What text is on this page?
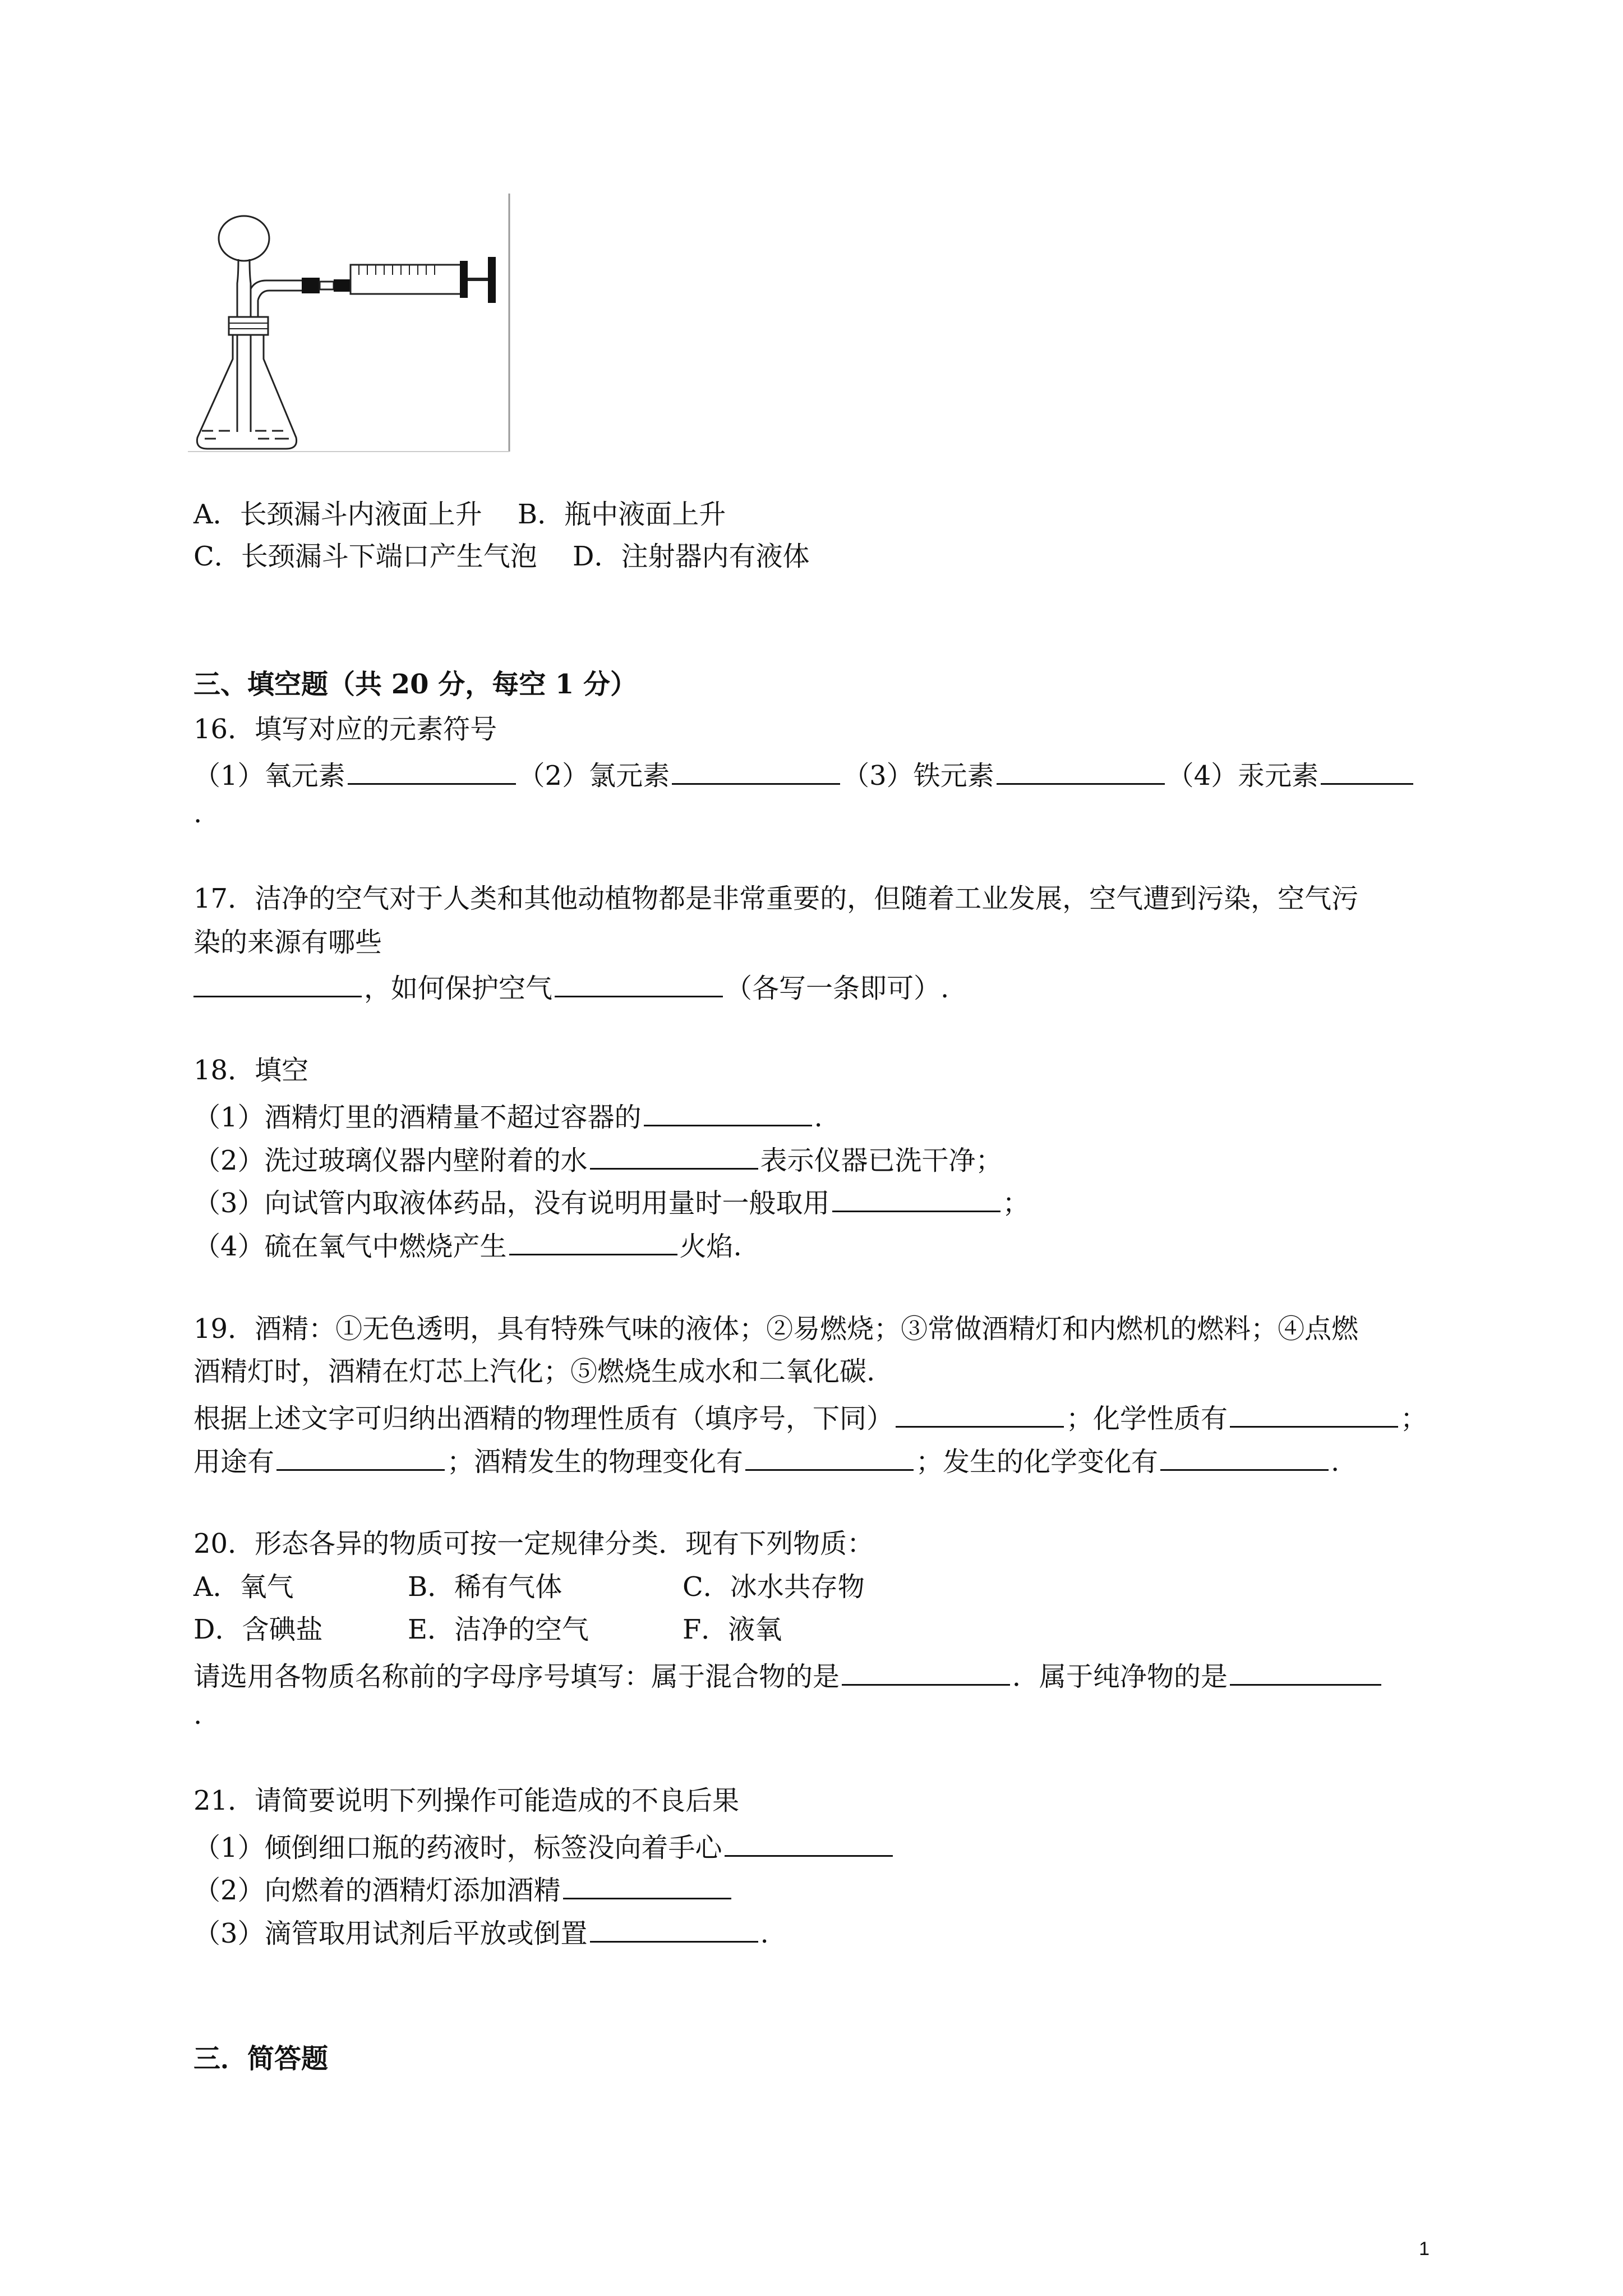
A．长颈漏斗内液面上升　 B．瓶中液面上升
C．长颈漏斗下端口产生气泡　 D．注射器内有液体
三、填空题（共 20 分，每空 1 分）
16．填写对应的元素符号
（1）氧元素	（2）氯元素	（3）铁元素	（4）汞元素
.
17．洁净的空气对于人类和其他动植物都是非常重要的，但随着工业发展，空气遭到污染，空气污
染的来源有哪些
，如何保护空气	（各写一条即可）.
18．填空
（1）酒精灯里的酒精量不超过容器的	.
（2）洗过玻璃仪器内壁附着的水	表示仪器已洗干净；
（3）向试管内取液体药品，没有说明用量时一般取用	；
（4）硫在氧气中燃烧产生	火焰.
19．酒精：①无色透明，具有特殊气味的液体；②易燃烧；③常做酒精灯和内燃机的燃料；④点燃
酒精灯时，酒精在灯芯上汽化；⑤燃烧生成水和二氧化碳.
根据上述文字可归纳出酒精的物理性质有（填序号，下同）	；化学性质有	；
用途有	；酒精发生的物理变化有	；发生的化学变化有	.
20．形态各异的物质可按一定规律分类．现有下列物质：
A．氧气	B．稀有气体	C．冰水共存物
D．含碘盐	E．洁净的空气	F．液氧
请选用各物质名称前的字母序号填写：属于混合物的是	．属于纯净物的是
.
21．请简要说明下列操作可能造成的不良后果
（1）倾倒细口瓶的药液时，标签没向着手心
（2）向燃着的酒精灯添加酒精
（3）滴管取用试剂后平放或倒置	.
三．简答题
1
